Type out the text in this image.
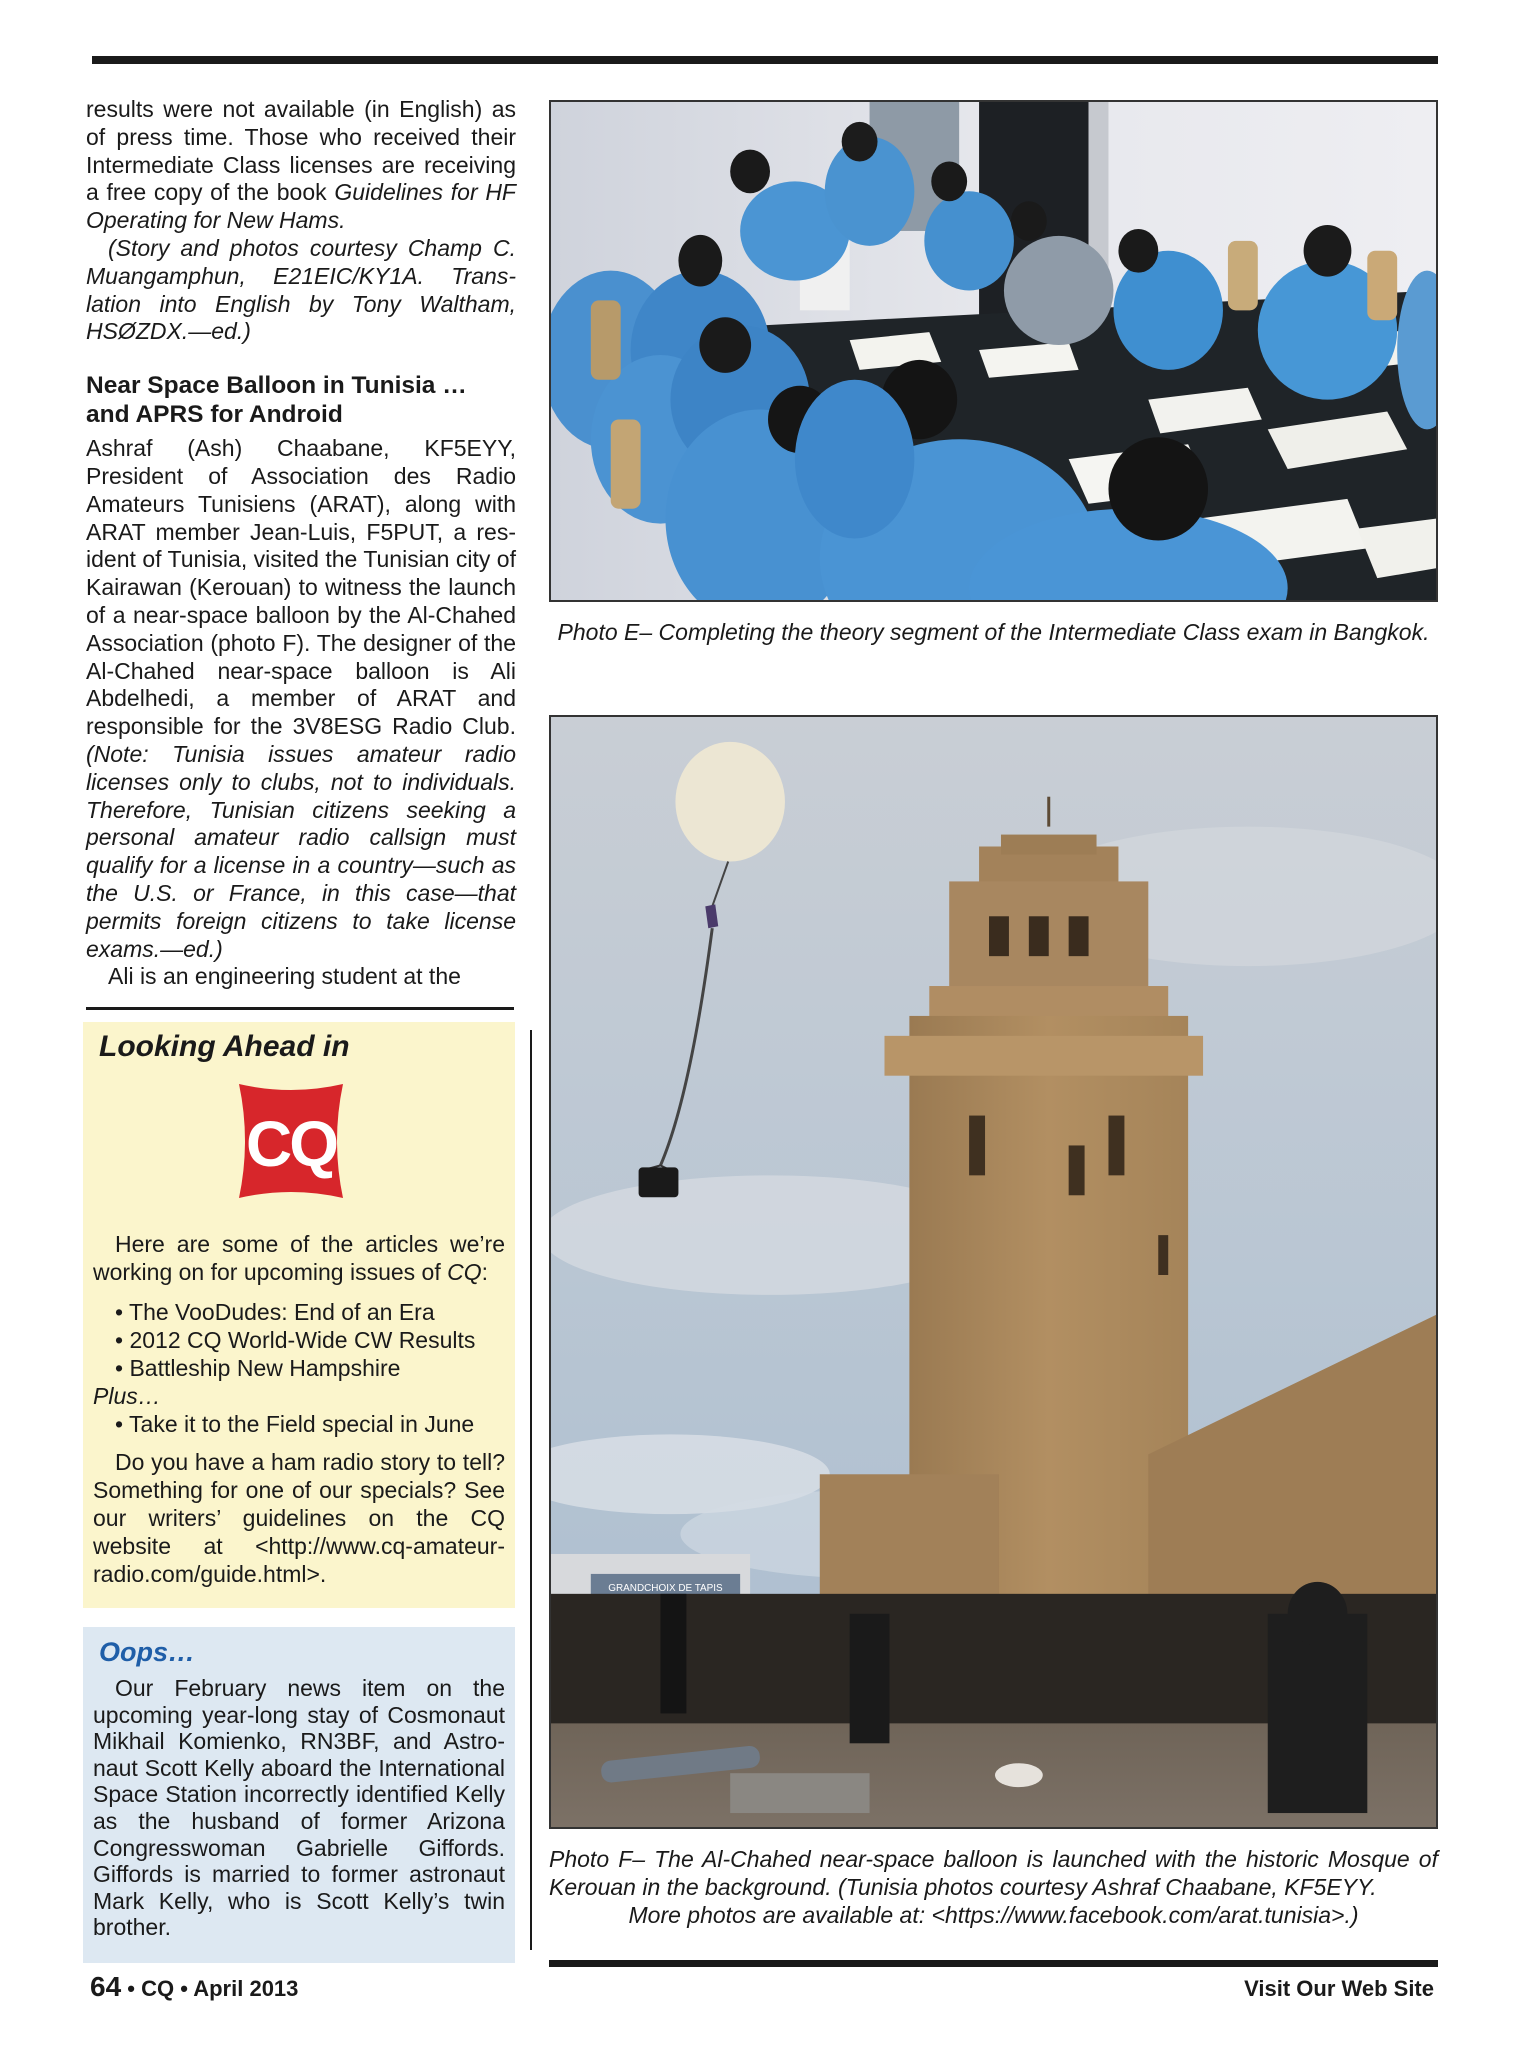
results were not available (in English) as of press time. Those who received their Intermediate Class licenses are receiving a free copy of the book Guidelines for HF Operating for New Hams.

(Story and photos courtesy Champ C. Muangamphun, E21EIC/KY1A. Translation into English by Tony Waltham, HSØZDX.—ed.)

Near Space Balloon in Tunisia … and APRS for Android

Ashraf (Ash) Chaabane, KF5EYY, President of Association des Radio Amateurs Tunisiens (ARAT), along with ARAT member Jean-Luis, F5PUT, a resident of Tunisia, visited the Tunisian city of Kairawan (Kerouan) to witness the launch of a near-space balloon by the Al-Chahed Association (photo F). The designer of the Al-Chahed near-space balloon is Ali Abdelhedi, a member of ARAT and responsible for the 3V8ESG Radio Club. (Note: Tunisia issues amateur radio licenses only to clubs, not to individuals. Therefore, Tunisian citizens seeking a personal amateur radio callsign must qualify for a license in a country—such as the U.S. or France, in this case—that permits foreign citizens to take license exams.—ed.)

Ali is an engineering student at the

Looking Ahead in
CQ

Here are some of the articles we’re working on for upcoming issues of CQ:

• The VooDudes: End of an Era
• 2012 CQ World-Wide CW Results
• Battleship New Hampshire

Plus…

• Take it to the Field special in June

Do you have a ham radio story to tell? Something for one of our specials? See our writers’ guidelines on the CQ website at <http://www.cq-amateur-radio.com/guide.html>.

Oops…

Our February news item on the upcoming year-long stay of Cosmonaut Mikhail Komienko, RN3BF, and Astronaut Scott Kelly aboard the International Space Station incorrectly identified Kelly as the husband of former Arizona Congresswoman Gabrielle Giffords. Giffords is married to former astronaut Mark Kelly, who is Scott Kelly’s twin brother.

Photo E– Completing the theory segment of the Intermediate Class exam in Bangkok.

GRANDCHOIX DE TAPIS

Photo F– The Al-Chahed near-space balloon is launched with the historic Mosque of Kerouan in the background. (Tunisia photos courtesy Ashraf Chaabane, KF5EYY.
More photos are available at: <https://www.facebook.com/arat.tunisia>.)

64 • CQ • April 2013	Visit Our Web Site
